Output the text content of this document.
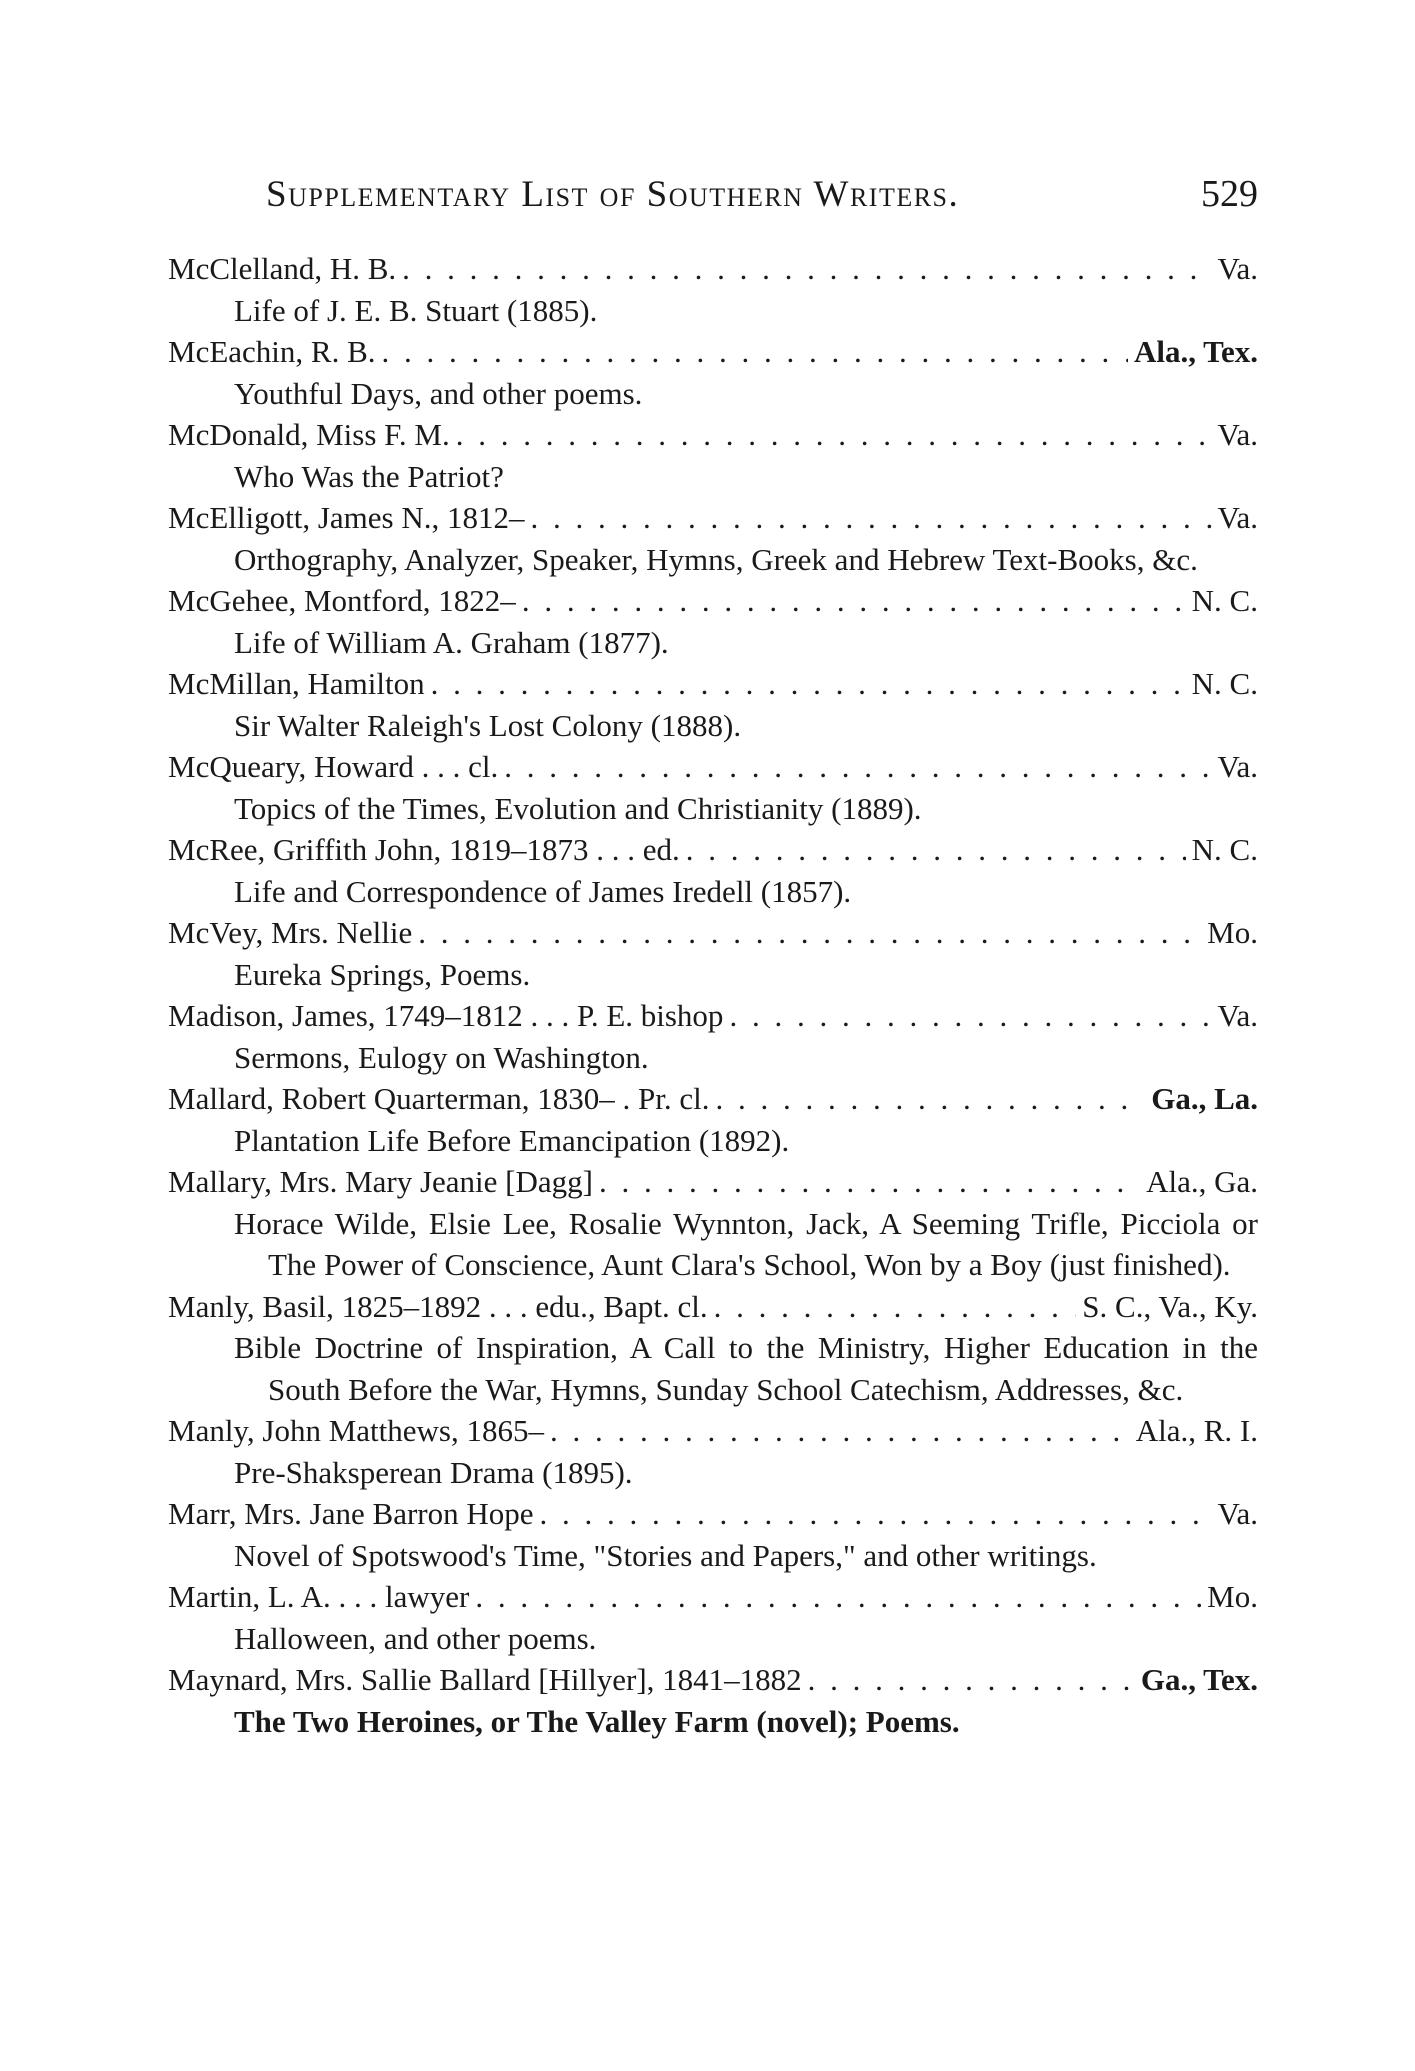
Supplementary List of Southern Writers.	529
McClelland, H. B. . . .	Va.
Life of J. E. B. Stuart (1885).
McEachin, R. B. . . .	Ala., Tex.
Youthful Days, and other poems.
McDonald, Miss F. M. . . .	Va.
Who Was the Patriot?
McElligott, James N., 1812– . . .	Va.
Orthography, Analyzer, Speaker, Hymns, Greek and Hebrew Text-Books, &c.
McGehee, Montford, 1822– . . .	N. C.
Life of William A. Graham (1877).
McMillan, Hamilton . . .	N. C.
Sir Walter Raleigh's Lost Colony (1888).
McQueary, Howard . . . cl. . . .	Va.
Topics of the Times, Evolution and Christianity (1889).
McRee, Griffith John, 1819–1873 . . . ed. . . .	N. C.
Life and Correspondence of James Iredell (1857).
McVey, Mrs. Nellie . . .	Mo.
Eureka Springs, Poems.
Madison, James, 1749–1812 . . . P. E. bishop . . .	Va.
Sermons, Eulogy on Washington.
Mallard, Robert Quarterman, 1830– . Pr. cl. . . .	Ga., La.
Plantation Life Before Emancipation (1892).
Mallary, Mrs. Mary Jeanie [Dagg] . . .	Ala., Ga.
Horace Wilde, Elsie Lee, Rosalie Wynnton, Jack, A Seeming Trifle, Picciola or The Power of Conscience, Aunt Clara's School, Won by a Boy (just finished).
Manly, Basil, 1825–1892 . . . edu., Bapt. cl. . . .	S. C., Va., Ky.
Bible Doctrine of Inspiration, A Call to the Ministry, Higher Education in the South Before the War, Hymns, Sunday School Catechism, Addresses, &c.
Manly, John Matthews, 1865– . . .	Ala., R. I.
Pre-Shaksperean Drama (1895).
Marr, Mrs. Jane Barron Hope . . .	Va.
Novel of Spotswood's Time, "Stories and Papers," and other writings.
Martin, L. A. . . . lawyer . . .	Mo.
Halloween, and other poems.
Maynard, Mrs. Sallie Ballard [Hillyer], 1841–1882 . . .	Ga., Tex.
The Two Heroines, or The Valley Farm (novel); Poems.
